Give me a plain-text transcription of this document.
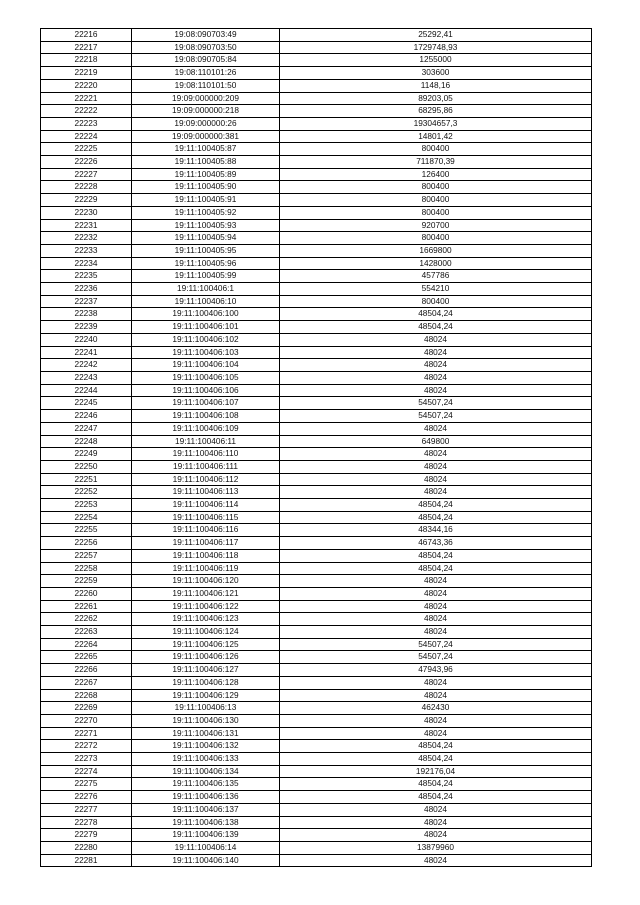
22216	19:08:090703:49	25292,41
22217	19:08:090703:50	1729748,93
22218	19:08:090705:84	1255000
22219	19:08:110101:26	303600
22220	19:08:110101:50	1148,16
22221	19:09:000000:209	89203,05
22222	19:09:000000:218	68295,86
22223	19:09:000000:26	19304657,3
22224	19:09:000000:381	14801,42
22225	19:11:100405:87	800400
22226	19:11:100405:88	711870,39
22227	19:11:100405:89	126400
22228	19:11:100405:90	800400
22229	19:11:100405:91	800400
22230	19:11:100405:92	800400
22231	19:11:100405:93	920700
22232	19:11:100405:94	800400
22233	19:11:100405:95	1669800
22234	19:11:100405:96	1428000
22235	19:11:100405:99	457786
22236	19:11:100406:1	554210
22237	19:11:100406:10	800400
22238	19:11:100406:100	48504,24
22239	19:11:100406:101	48504,24
22240	19:11:100406:102	48024
22241	19:11:100406:103	48024
22242	19:11:100406:104	48024
22243	19:11:100406:105	48024
22244	19:11:100406:106	48024
22245	19:11:100406:107	54507,24
22246	19:11:100406:108	54507,24
22247	19:11:100406:109	48024
22248	19:11:100406:11	649800
22249	19:11:100406:110	48024
22250	19:11:100406:111	48024
22251	19:11:100406:112	48024
22252	19:11:100406:113	48024
22253	19:11:100406:114	48504,24
22254	19:11:100406:115	48504,24
22255	19:11:100406:116	48344,16
22256	19:11:100406:117	46743,36
22257	19:11:100406:118	48504,24
22258	19:11:100406:119	48504,24
22259	19:11:100406:120	48024
22260	19:11:100406:121	48024
22261	19:11:100406:122	48024
22262	19:11:100406:123	48024
22263	19:11:100406:124	48024
22264	19:11:100406:125	54507,24
22265	19:11:100406:126	54507,24
22266	19:11:100406:127	47943,96
22267	19:11:100406:128	48024
22268	19:11:100406:129	48024
22269	19:11:100406:13	462430
22270	19:11:100406:130	48024
22271	19:11:100406:131	48024
22272	19:11:100406:132	48504,24
22273	19:11:100406:133	48504,24
22274	19:11:100406:134	192176,04
22275	19:11:100406:135	48504,24
22276	19:11:100406:136	48504,24
22277	19:11:100406:137	48024
22278	19:11:100406:138	48024
22279	19:11:100406:139	48024
22280	19:11:100406:14	13879960
22281	19:11:100406:140	48024
